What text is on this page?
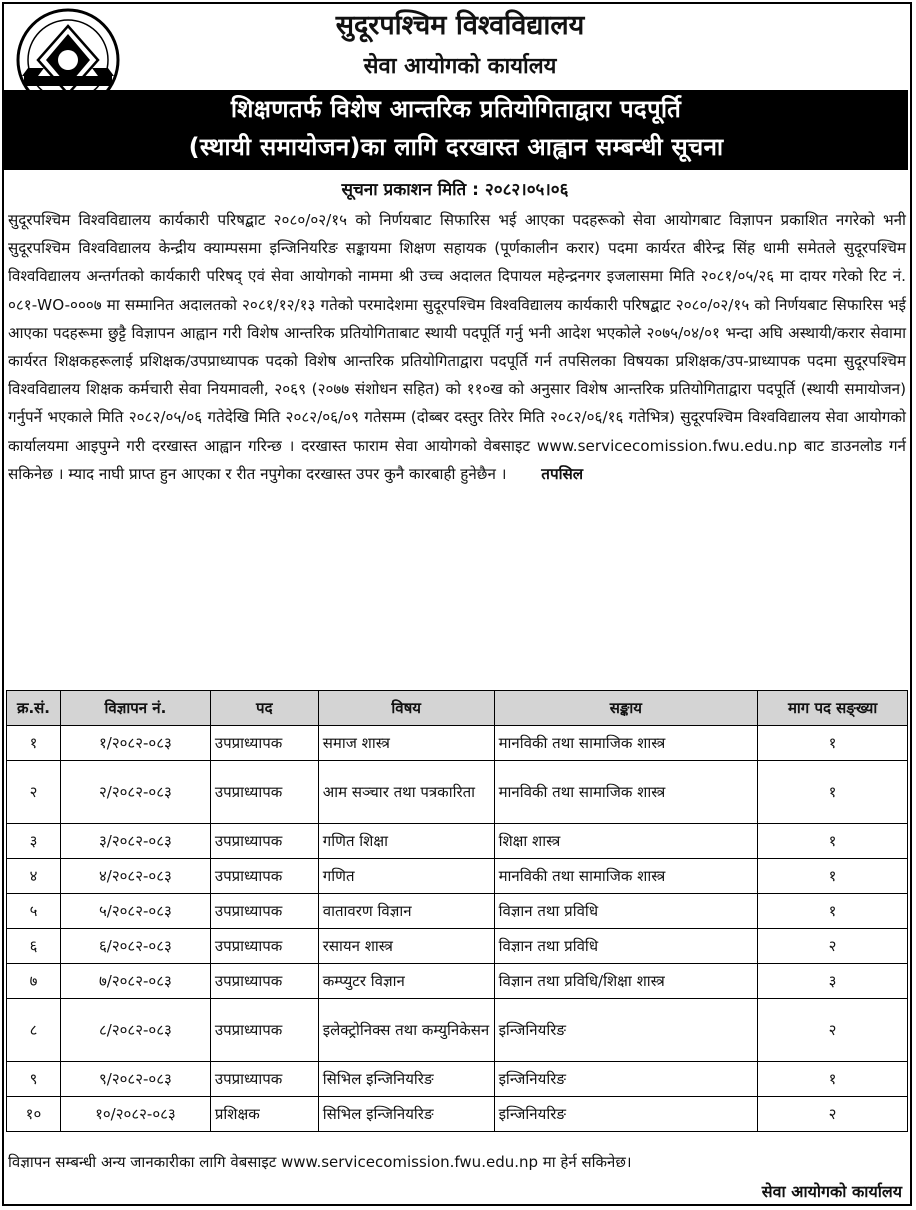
सुदूरपश्चिम विश्वविद्यालय
सेवा आयोगको कार्यालय
शिक्षणतर्फ विशेष आन्तरिक प्रतियोगिताद्वारा पदपूर्ति
(स्थायी समायोजन)का लागि दरखास्त आह्वान सम्बन्धी सूचना
सूचना प्रकाशन मिति : २०८२।०५।०६
सुदूरपश्चिम विश्वविद्यालय कार्यकारी परिषद्बाट २०८०/०२/१५ को निर्णयबाट सिफारिस भई आएका पदहरूको सेवा आयोगबाट विज्ञापन प्रकाशित नगरेको भनी सुदूरपश्चिम विश्वविद्यालय केन्द्रीय क्याम्पसमा इन्जिनियरिङ सङ्कायमा शिक्षण सहायक (पूर्णकालीन करार) पदमा कार्यरत बीरेन्द्र सिंह धामी समेतले सुदूरपश्चिम विश्वविद्यालय अन्तर्गतको कार्यकारी परिषद् एवं सेवा आयोगको नाममा श्री उच्च अदालत दिपायल महेन्द्रनगर इजलासमा मिति २०८१/०५/२६ मा दायर गरेको रिट नं. ०८१-WO-०००७ मा सम्मानित अदालतको २०८१/१२/१३ गतेको परमादेशमा सुदूरपश्चिम विश्वविद्यालय कार्यकारी परिषद्बाट २०८०/०२/१५ को निर्णयबाट सिफारिस भई आएका पदहरूमा छुट्टै विज्ञापन आह्वान गरी विशेष आन्तरिक प्रतियोगिताबाट स्थायी पदपूर्ति गर्नु भनी आदेश भएकोले २०७५/०४/०१ भन्दा अघि अस्थायी/करार सेवामा कार्यरत शिक्षकहरूलाई प्रशिक्षक/उपप्राध्यापक पदको विशेष आन्तरिक प्रतियोगिताद्वारा पदपूर्ति गर्न तपसिलका विषयका प्रशिक्षक/उप-प्राध्यापक पदमा सुदूरपश्चिम विश्वविद्यालय शिक्षक कर्मचारी सेवा नियमावली, २०६९ (२०७७ संशोधन सहित) को ११०ख को अनुसार विशेष आन्तरिक प्रतियोगिताद्वारा पदपूर्ति (स्थायी समायोजन) गर्नुपर्ने भएकाले मिति २०८२/०५/०६ गतेदेखि मिति २०८२/०६/०९ गतेसम्म (दोब्बर दस्तुर तिरेर मिति २०८२/०६/१६ गतेभित्र) सुदूरपश्चिम विश्वविद्यालय सेवा आयोगको कार्यालयमा आइपुग्ने गरी दरखास्त आह्वान गरिन्छ । दरखास्त फाराम सेवा आयोगको वेबसाइट www.servicecomission.fwu.edu.np बाट डाउनलोड गर्न सकिनेछ । म्याद नाघी प्राप्त हुन आएका र रीत नपुगेका दरखास्त उपर कुनै कारबाही हुनेछैन । तपसिल
क्र.सं.	विज्ञापन नं.	पद	विषय	सङ्काय	माग पद सङ्ख्या
१	१/२०८२-०८३	उपप्राध्यापक	समाज शास्त्र	मानविकी तथा सामाजिक शास्त्र	१
२	२/२०८२-०८३	उपप्राध्यापक	आम सञ्चार तथा पत्रकारिता	मानविकी तथा सामाजिक शास्त्र	१
३	३/२०८२-०८३	उपप्राध्यापक	गणित शिक्षा	शिक्षा शास्त्र	१
४	४/२०८२-०८३	उपप्राध्यापक	गणित	मानविकी तथा सामाजिक शास्त्र	१
५	५/२०८२-०८३	उपप्राध्यापक	वातावरण विज्ञान	विज्ञान तथा प्रविधि	१
६	६/२०८२-०८३	उपप्राध्यापक	रसायन शास्त्र	विज्ञान तथा प्रविधि	२
७	७/२०८२-०८३	उपप्राध्यापक	कम्प्युटर विज्ञान	विज्ञान तथा प्रविधि/शिक्षा शास्त्र	३
८	८/२०८२-०८३	उपप्राध्यापक	इलेक्ट्रोनिक्स तथा कम्युनिकेसन	इन्जिनियरिङ	२
९	९/२०८२-०८३	उपप्राध्यापक	सिभिल इन्जिनियरिङ	इन्जिनियरिङ	१
१०	१०/२०८२-०८३	प्रशिक्षक	सिभिल इन्जिनियरिङ	इन्जिनियरिङ	२
विज्ञापन सम्बन्धी अन्य जानकारीका लागि वेबसाइट www.servicecomission.fwu.edu.np मा हेर्न सकिनेछ।
सेवा आयोगको कार्यालय
